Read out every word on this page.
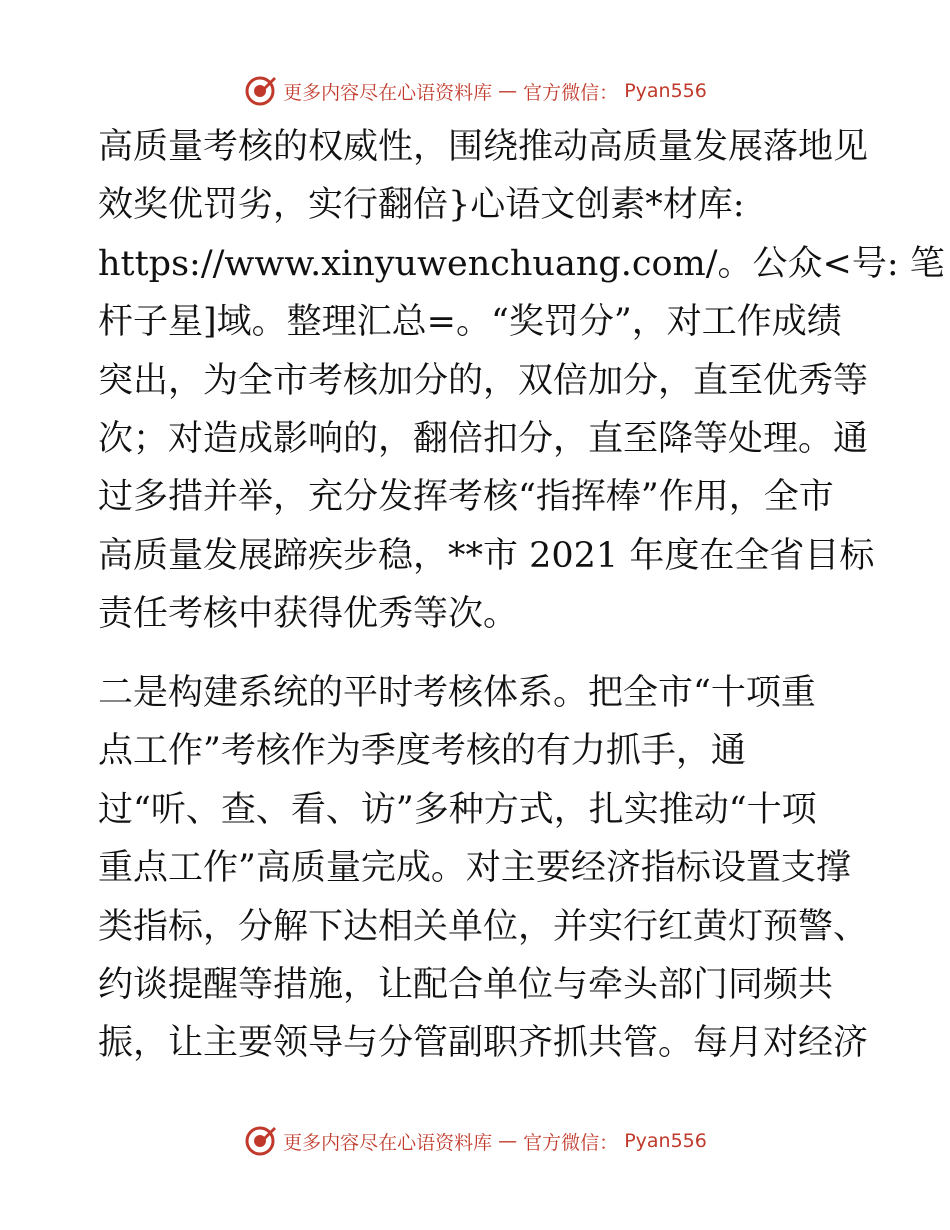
更多内容尽在心语资料库 — 官方微信： Pyan556
高质量考核的权威性，围绕推动高质量发展落地见
效奖优罚劣，实行翻倍}心语文创素*材库:
https://www.xinyuwenchuang.com/。公众<号: 笔
杆子星]域。整理汇总=。“奖罚分”，对工作成绩
突出，为全市考核加分的，双倍加分，直至优秀等
次；对造成影响的，翻倍扣分，直至降等处理。通
过多措并举，充分发挥考核“指挥棒”作用，全市
高质量发展蹄疾步稳，**市 2021 年度在全省目标
责任考核中获得优秀等次。
二是构建系统的平时考核体系。把全市“十项重
点工作”考核作为季度考核的有力抓手，通
过“听、查、看、访”多种方式，扎实推动“十项
重点工作”高质量完成。对主要经济指标设置支撑
类指标，分解下达相关单位，并实行红黄灯预警、
约谈提醒等措施，让配合单位与牵头部门同频共
振，让主要领导与分管副职齐抓共管。每月对经济
更多内容尽在心语资料库 — 官方微信： Pyan556
